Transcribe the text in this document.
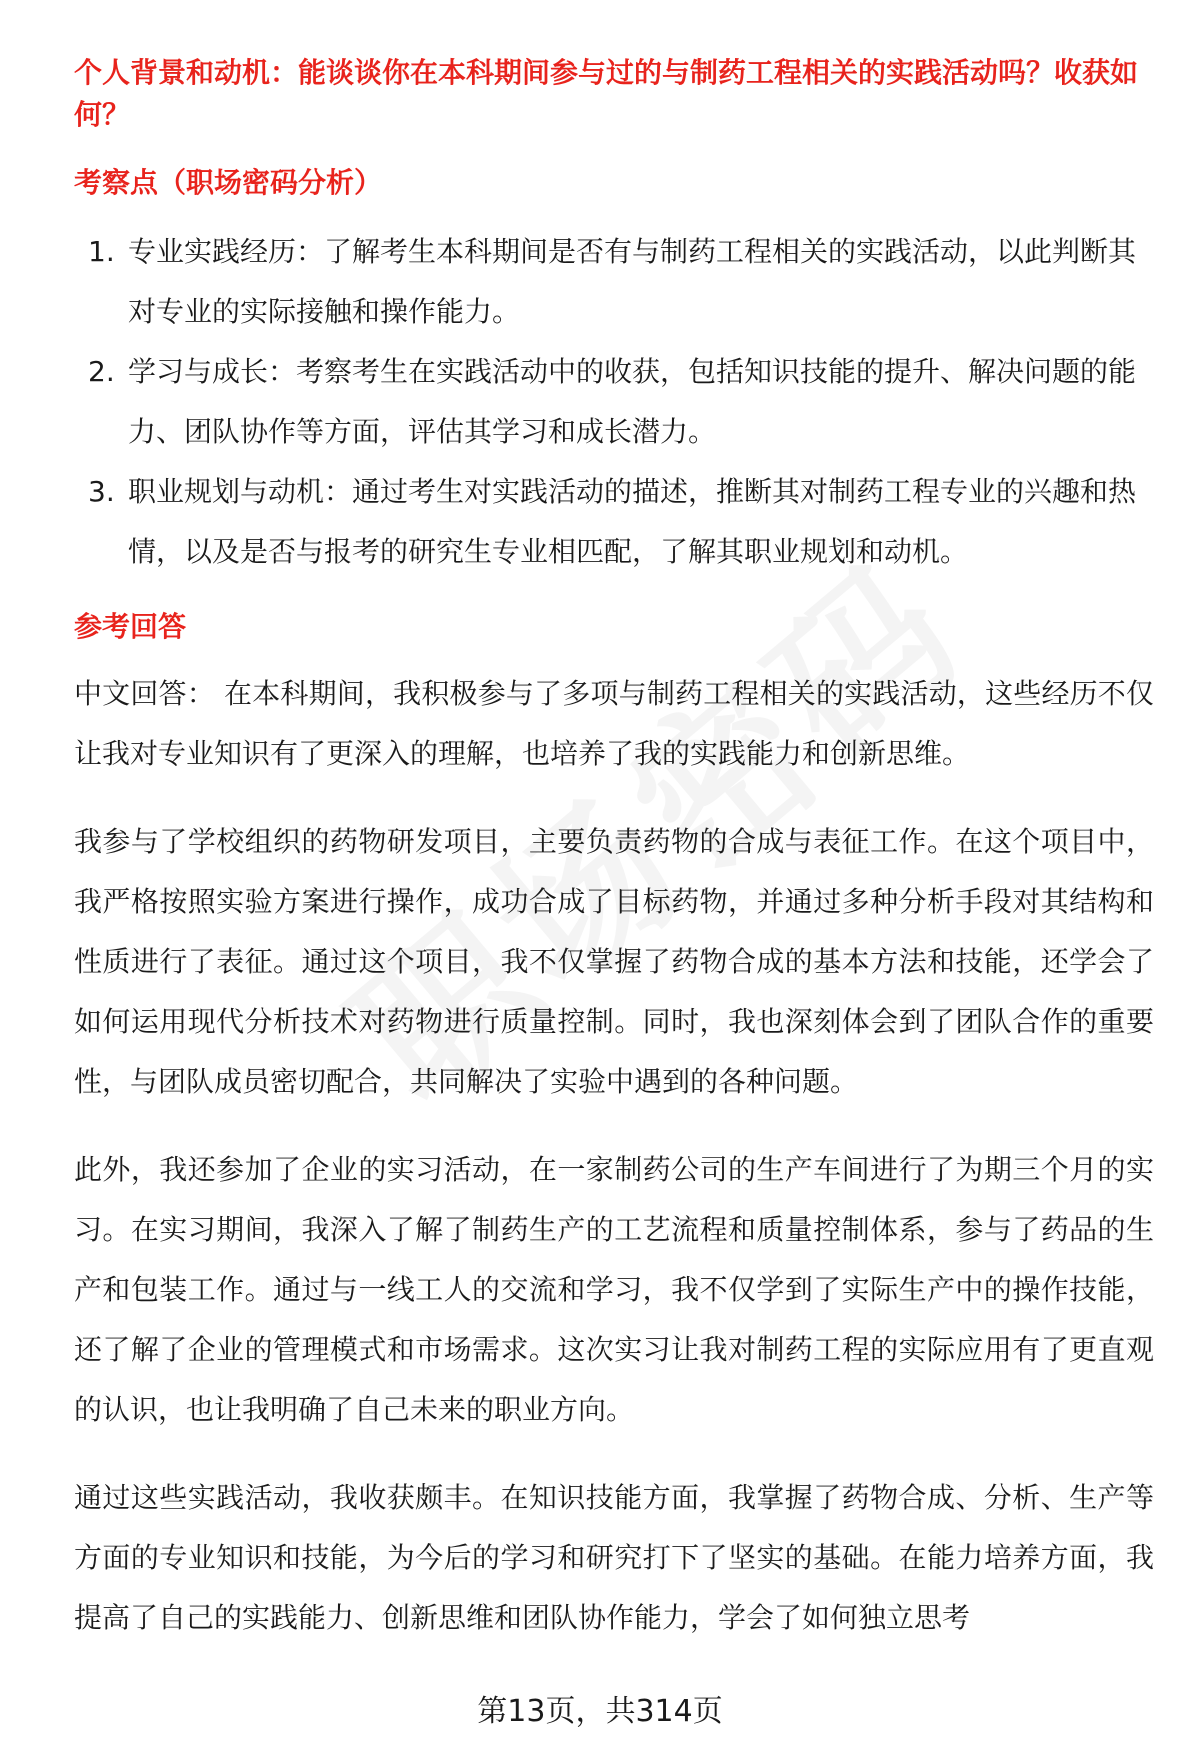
个人背景和动机：能谈谈你在本科期间参与过的与制药工程相关的实践活动吗？收获如何？
考察点（职场密码分析）
1. 专业实践经历：了解考生本科期间是否有与制药工程相关的实践活动，以此判断其对专业的实际接触和操作能力。
2. 学习与成长：考察考生在实践活动中的收获，包括知识技能的提升、解决问题的能力、团队协作等方面，评估其学习和成长潜力。
3. 职业规划与动机：通过考生对实践活动的描述，推断其对制药工程专业的兴趣和热情，以及是否与报考的研究生专业相匹配，了解其职业规划和动机。
参考回答

中文回答： 在本科期间，我积极参与了多项与制药工程相关的实践活动，这些经历不仅让我对专业知识有了更深入的理解，也培养了我的实践能力和创新思维。

我参与了学校组织的药物研发项目，主要负责药物的合成与表征工作。在这个项目中，我严格按照实验方案进行操作，成功合成了目标药物，并通过多种分析手段对其结构和性质进行了表征。通过这个项目，我不仅掌握了药物合成的基本方法和技能，还学会了如何运用现代分析技术对药物进行质量控制。同时，我也深刻体会到了团队合作的重要性，与团队成员密切配合，共同解决了实验中遇到的各种问题。

此外，我还参加了企业的实习活动，在一家制药公司的生产车间进行了为期三个月的实习。在实习期间，我深入了解了制药生产的工艺流程和质量控制体系，参与了药品的生产和包装工作。通过与一线工人的交流和学习，我不仅学到了实际生产中的操作技能，还了解了企业的管理模式和市场需求。这次实习让我对制药工程的实际应用有了更直观的认识，也让我明确了自己未来的职业方向。

通过这些实践活动，我收获颇丰。在知识技能方面，我掌握了药物合成、分析、生产等方面的专业知识和技能，为今后的学习和研究打下了坚实的基础。在能力培养方面，我提高了自己的实践能力、创新思维和团队协作能力，学会了如何独立思考

第13页，共314页
